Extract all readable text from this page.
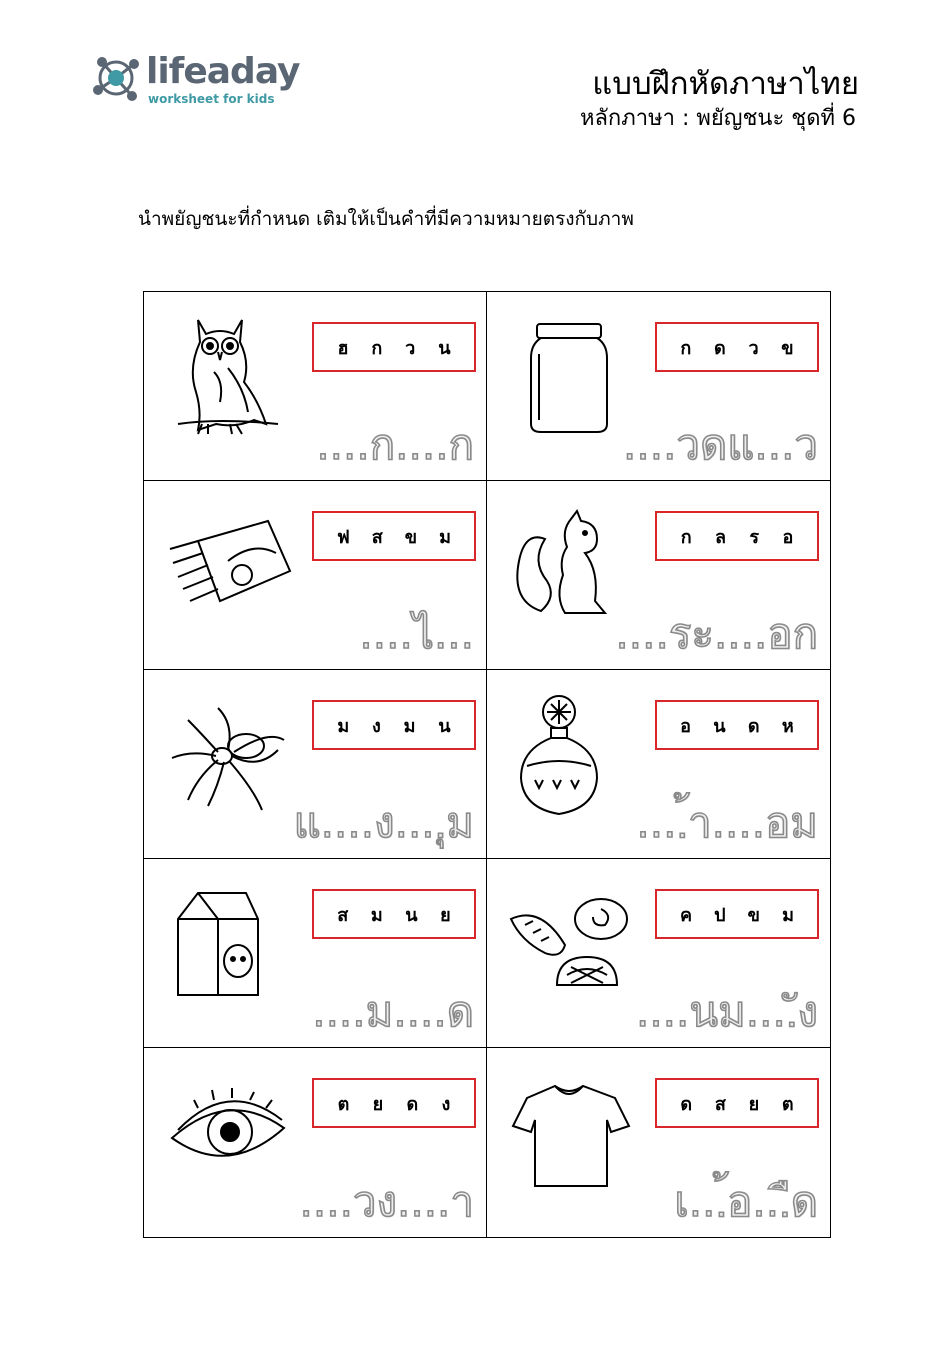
lifeaday
worksheet for kids	แบบฝึกหัดภาษาไทย
หลักภาษา : พยัญชนะ ชุดที่ 6
นำพยัญชนะที่กำหนด เติมให้เป็นคำที่มีความหมายตรงกับภาพ
ฮ ก ว น
....ก....ก
ก ด ว ข
....วดแ...ว
ฟ ส ข ม
....ไ...
ก ล ร อ
....ระ....อก
ม ง ม น
แ....ง....ุม
อ น ด ห
....้า....อม
ส ม น ย
....ม....ด
ค ป ข ม
....นม....ัง
ต ย ด ง
....วง....า
ด ส ย ต
เ...้อ...ืด
